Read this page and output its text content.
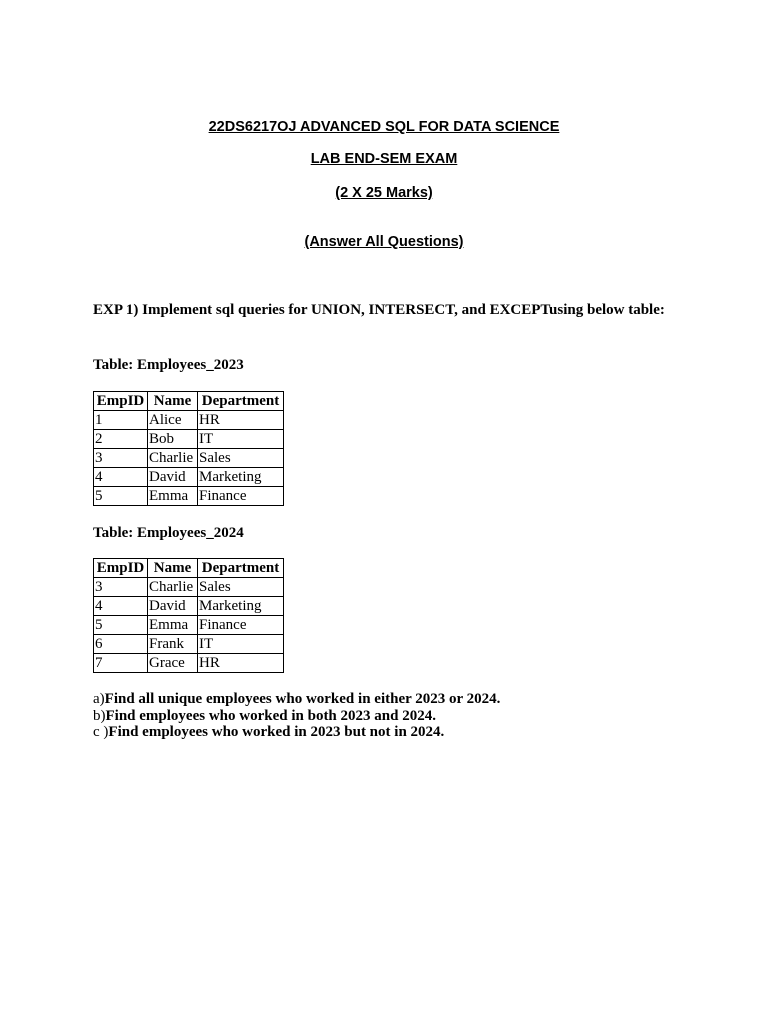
22DS6217OJ ADVANCED SQL FOR DATA SCIENCE
LAB END-SEM EXAM
(2 X 25 Marks)
(Answer All Questions)
EXP 1) Implement sql queries for UNION, INTERSECT, and EXCEPTusing below table:
Table: Employees_2023
EmpID	Name	Department
1	Alice	HR
2	Bob	IT
3	Charlie	Sales
4	David	Marketing
5	Emma	Finance
Table: Employees_2024
EmpID	Name	Department
3	Charlie	Sales
4	David	Marketing
5	Emma	Finance
6	Frank	IT
7	Grace	HR
a)Find all unique employees who worked in either 2023 or 2024.
b)Find employees who worked in both 2023 and 2024.
c )Find employees who worked in 2023 but not in 2024.
